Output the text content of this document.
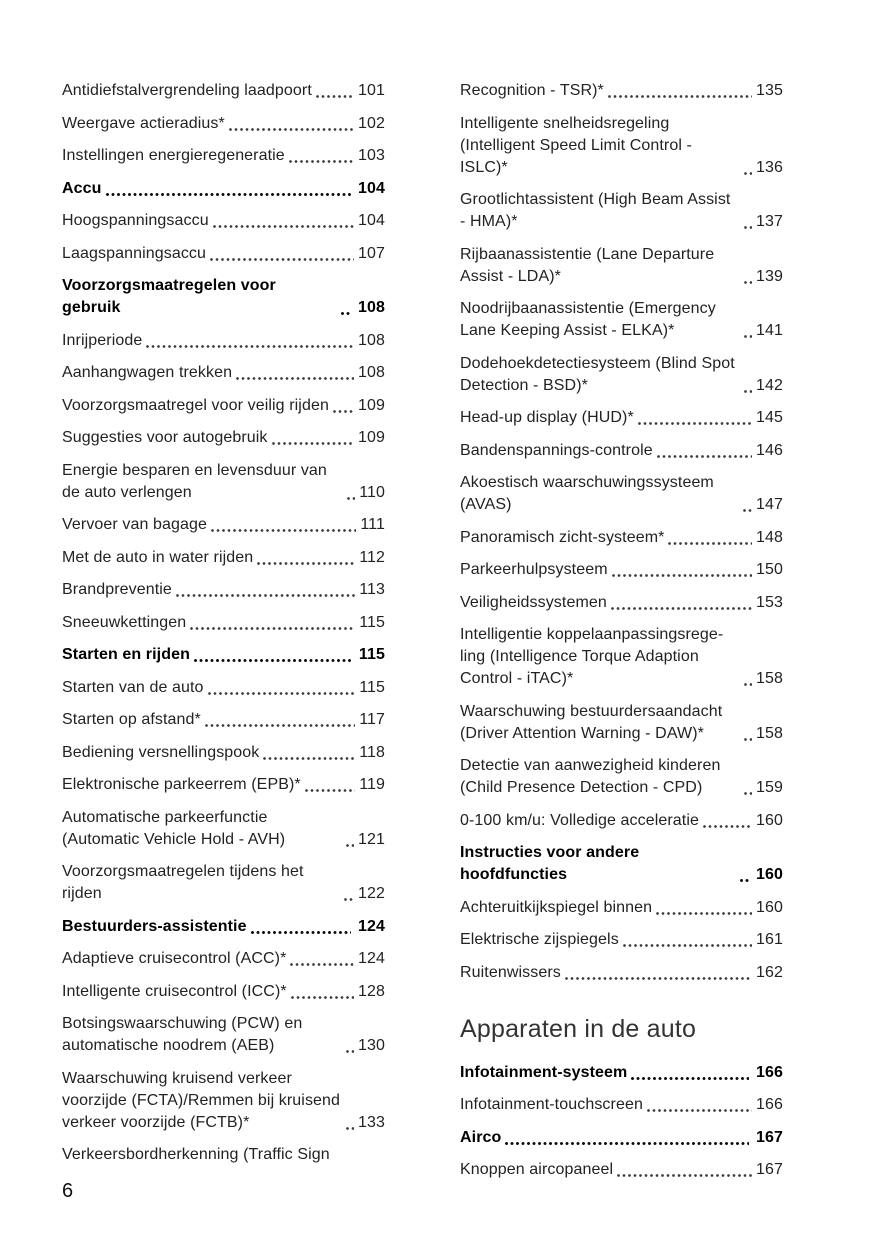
Antidiefstalvergrendeling laadpoort	101
Weergave actieradius*	102
Instellingen energieregeneratie	103
Accu	104
Hoogspanningsaccu	104
Laagspanningsaccu	107
Voorzorgsmaatregelen voor gebruik	108
Inrijperiode	108
Aanhangwagen trekken	108
Voorzorgsmaatregel voor veilig rijden 109
Suggesties voor autogebruik	109
Energie besparen en levensduur van de auto verlengen	110
Vervoer van bagage	111
Met de auto in water rijden	112
Brandpreventie	113
Sneeuwkettingen	115
Starten en rijden	115
Starten van de auto	115
Starten op afstand*	117
Bediening versnellingspook	118
Elektronische parkeerrem (EPB)*	119
Automatische parkeerfunctie (Automatic Vehicle Hold - AVH)	121
Voorzorgsmaatregelen tijdens het rijden	122
Bestuurders-assistentie	124
Adaptieve cruisecontrol (ACC)*	124
Intelligente cruisecontrol (ICC)*	128
Botsingswaarschuwing (PCW) en automatische noodrem (AEB)	130
Waarschuwing kruisend verkeer voorzijde (FCTA)/Remmen bij kruisend verkeer voorzijde (FCTB)*	133
Verkeersbordherkenning (Traffic Sign
Recognition - TSR)*	135
Intelligente snelheidsregeling (Intelligent Speed Limit Control - ISLC)*	136
Grootlichtassistent (High Beam Assist - HMA)*	137
Rijbaanassistentie (Lane Departure Assist - LDA)*	139
Noodrijbaanassistentie (Emergency Lane Keeping Assist - ELKA)*	141
Dodehoekdetectiesysteem (Blind Spot Detection - BSD)*	142
Head-up display (HUD)*	145
Bandenspannings-controle	146
Akoestisch waarschuwingssysteem (AVAS)	147
Panoramisch zicht-systeem*	148
Parkeerhulpsysteem	150
Veiligheidssystemen	153
Intelligentie koppelaanpassingsrege-ling (Intelligence Torque Adaption Control - iTAC)*	158
Waarschuwing bestuurdersaandacht (Driver Attention Warning - DAW)*	158
Detectie van aanwezigheid kinderen (Child Presence Detection - CPD)	159
0-100 km/u: Volledige acceleratie	160
Instructies voor andere hoofdfuncties	160
Achteruitkijkspiegel binnen	160
Elektrische zijspiegels	161
Ruitenwissers	162
Apparaten in de auto
Infotainment-systeem	166
Infotainment-touchscreen	166
Airco	167
Knoppen aircopaneel	167
6
